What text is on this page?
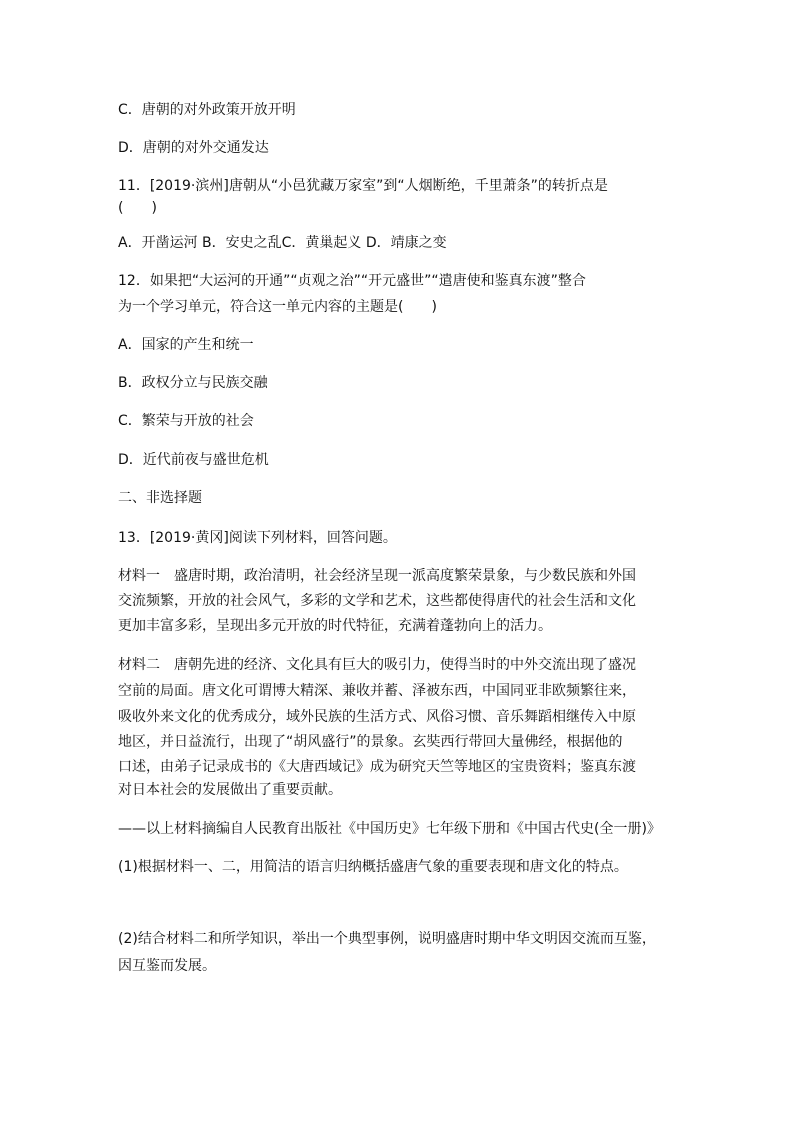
C．唐朝的对外政策开放开明

D．唐朝的对外交通发达

11．[2019·滨州]唐朝从“小邑犹藏万家室”到“人烟断绝，千里萧条”的转折点是

(　　)

A．开凿运河 B．安史之乱C．黄巢起义 D．靖康之变

12．如果把“大运河的开通”“贞观之治”“开元盛世”“遣唐使和鉴真东渡”整合

为一个学习单元，符合这一单元内容的主题是(　　)

A．国家的产生和统一

B．政权分立与民族交融

C．繁荣与开放的社会

D．近代前夜与盛世危机

二、非选择题

13．[2019·黄冈]阅读下列材料，回答问题。

材料一　盛唐时期，政治清明，社会经济呈现一派高度繁荣景象，与少数民族和外国

交流频繁，开放的社会风气，多彩的文学和艺术，这些都使得唐代的社会生活和文化

更加丰富多彩，呈现出多元开放的时代特征，充满着蓬勃向上的活力。

材料二　唐朝先进的经济、文化具有巨大的吸引力，使得当时的中外交流出现了盛况

空前的局面。唐文化可谓博大精深、兼收并蓄、泽被东西，中国同亚非欧频繁往来，

吸收外来文化的优秀成分，域外民族的生活方式、风俗习惯、音乐舞蹈相继传入中原

地区，并日益流行，出现了“胡风盛行”的景象。玄奘西行带回大量佛经，根据他的

口述，由弟子记录成书的《大唐西域记》成为研究天竺等地区的宝贵资料；鉴真东渡

对日本社会的发展做出了重要贡献。

——以上材料摘编自人民教育出版社《中国历史》七年级下册和《中国古代史(全一册)》

(1)根据材料一、二，用简洁的语言归纳概括盛唐气象的重要表现和唐文化的特点。

(2)结合材料二和所学知识，举出一个典型事例，说明盛唐时期中华文明因交流而互鉴，

因互鉴而发展。
